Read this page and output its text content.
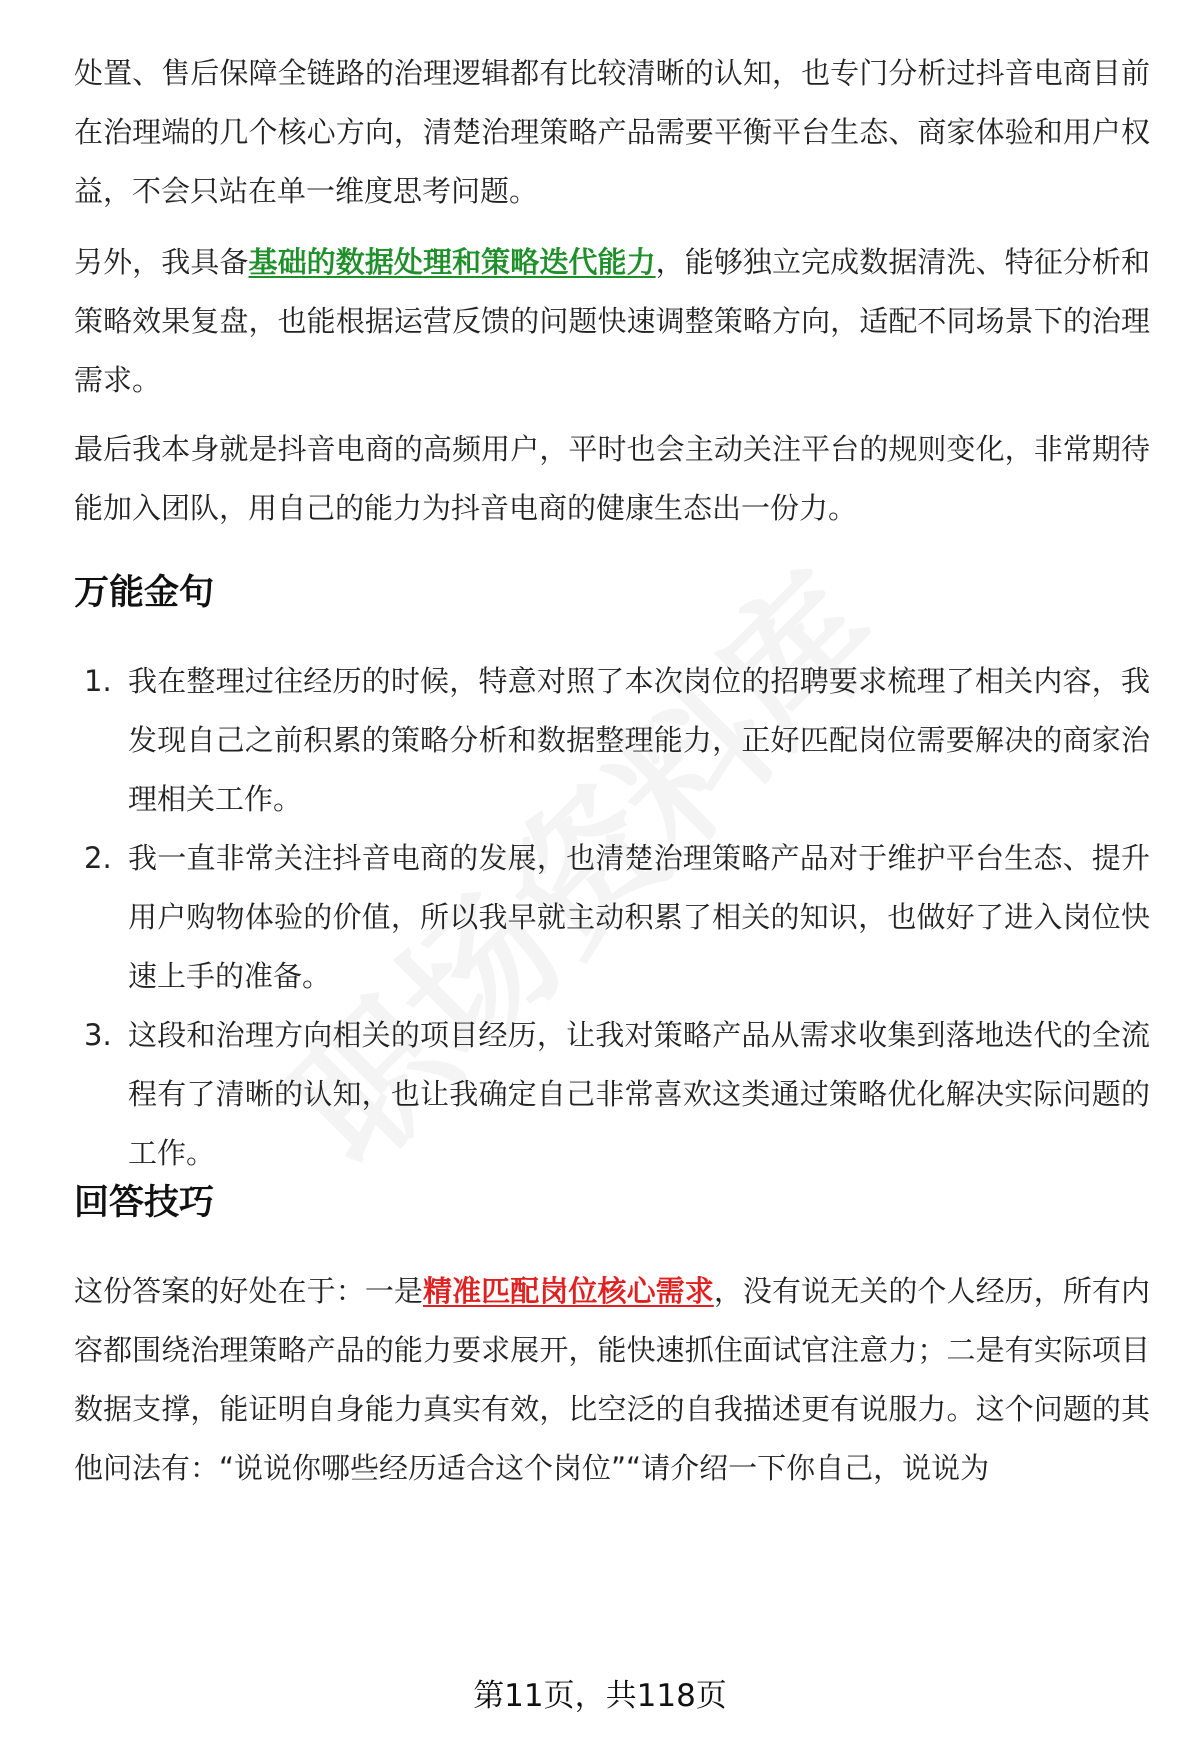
处置、售后保障全链路的治理逻辑都有比较清晰的认知，也专门分析过抖音电商目前在治理端的几个核心方向，清楚治理策略产品需要平衡平台生态、商家体验和用户权益，不会只站在单一维度思考问题。

另外，我具备基础的数据处理和策略迭代能力，能够独立完成数据清洗、特征分析和策略效果复盘，也能根据运营反馈的问题快速调整策略方向，适配不同场景下的治理需求。

最后我本身就是抖音电商的高频用户，平时也会主动关注平台的规则变化，非常期待能加入团队，用自己的能力为抖音电商的健康生态出一份力。

万能金句
1. 我在整理过往经历的时候，特意对照了本次岗位的招聘要求梳理了相关内容，我发现自己之前积累的策略分析和数据整理能力，正好匹配岗位需要解决的商家治理相关工作。
2. 我一直非常关注抖音电商的发展，也清楚治理策略产品对于维护平台生态、提升用户购物体验的价值，所以我早就主动积累了相关的知识，也做好了进入岗位快速上手的准备。
3. 这段和治理方向相关的项目经历，让我对策略产品从需求收集到落地迭代的全流程有了清晰的认知，也让我确定自己非常喜欢这类通过策略优化解决实际问题的工作。
回答技巧

这份答案的好处在于：一是精准匹配岗位核心需求，没有说无关的个人经历，所有内容都围绕治理策略产品的能力要求展开，能快速抓住面试官注意力；二是有实际项目数据支撑，能证明自身能力真实有效，比空泛的自我描述更有说服力。这个问题的其他问法有：“说说你哪些经历适合这个岗位”“请介绍一下你自己，说说为

第11页，共118页
